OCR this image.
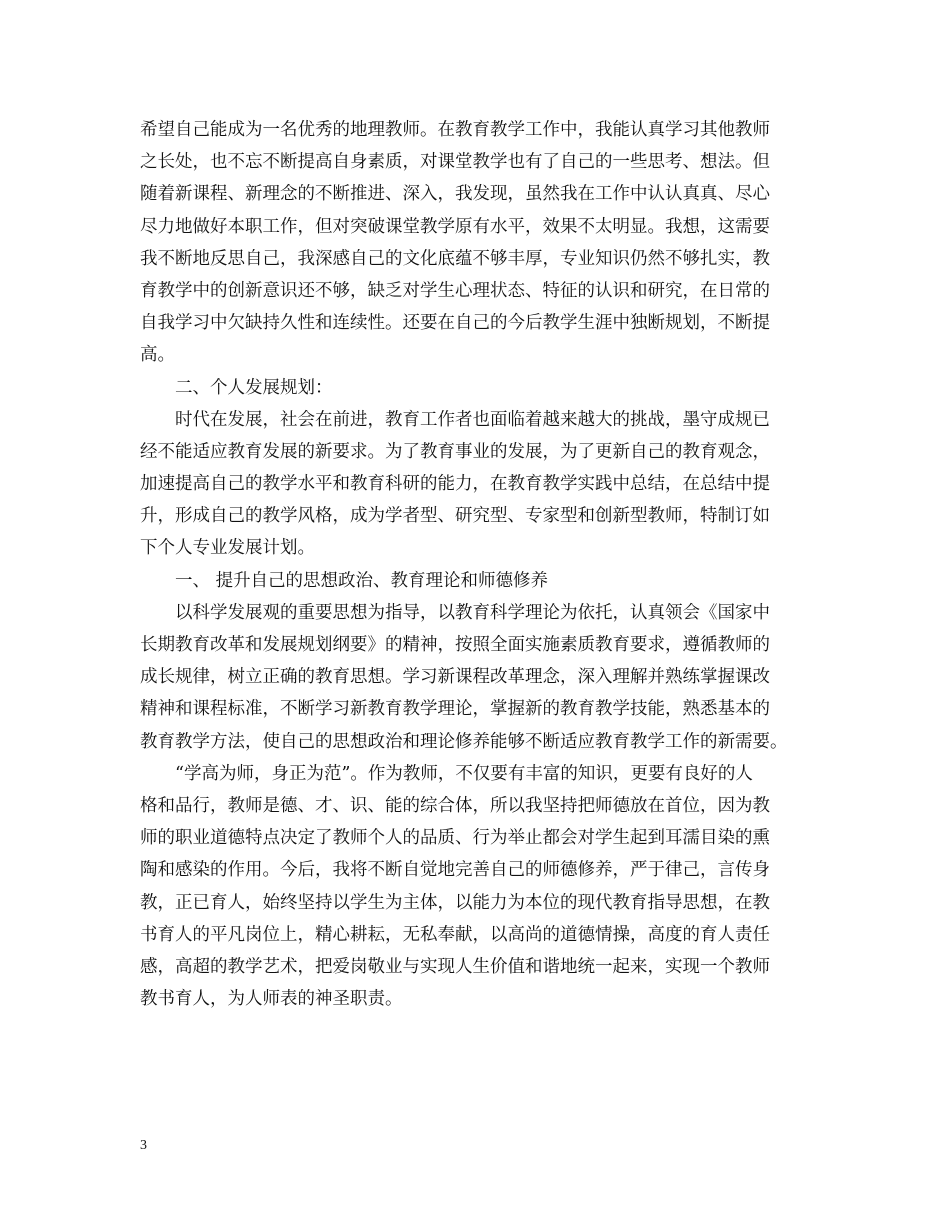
希望自己能成为一名优秀的地理教师。在教育教学工作中，我能认真学习其他教师
之长处，也不忘不断提高自身素质，对课堂教学也有了自己的一些思考、想法。但
随着新课程、新理念的不断推进、深入，我发现，虽然我在工作中认认真真、尽心
尽力地做好本职工作，但对突破课堂教学原有水平，效果不太明显。我想，这需要
我不断地反思自己，我深感自己的文化底蕴不够丰厚，专业知识仍然不够扎实，教
育教学中的创新意识还不够，缺乏对学生心理状态、特征的认识和研究，在日常的
自我学习中欠缺持久性和连续性。还要在自己的今后教学生涯中独断规划，不断提
高。
二、个人发展规划：
时代在发展，社会在前进，教育工作者也面临着越来越大的挑战，墨守成规已
经不能适应教育发展的新要求。为了教育事业的发展，为了更新自己的教育观念，
加速提高自己的教学水平和教育科研的能力，在教育教学实践中总结，在总结中提
升，形成自己的教学风格，成为学者型、研究型、专家型和创新型教师，特制订如
下个人专业发展计划。
一、 提升自己的思想政治、教育理论和师德修养
以科学发展观的重要思想为指导，以教育科学理论为依托，认真领会《国家中
长期教育改革和发展规划纲要》的精神，按照全面实施素质教育要求，遵循教师的
成长规律，树立正确的教育思想。学习新课程改革理念，深入理解并熟练掌握课改
精神和课程标准，不断学习新教育教学理论，掌握新的教育教学技能，熟悉基本的
教育教学方法，使自己的思想政治和理论修养能够不断适应教育教学工作的新需要。
“学高为师，身正为范”。作为教师，不仅要有丰富的知识，更要有良好的人
格和品行，教师是德、才、识、能的综合体，所以我坚持把师德放在首位，因为教
师的职业道德特点决定了教师个人的品质、行为举止都会对学生起到耳濡目染的熏
陶和感染的作用。今后，我将不断自觉地完善自己的师德修养，严于律己，言传身
教，正已育人，始终坚持以学生为主体，以能力为本位的现代教育指导思想，在教
书育人的平凡岗位上，精心耕耘，无私奉献，以高尚的道德情操，高度的育人责任
感，高超的教学艺术，把爱岗敬业与实现人生价值和谐地统一起来，实现一个教师
教书育人，为人师表的神圣职责。
3
